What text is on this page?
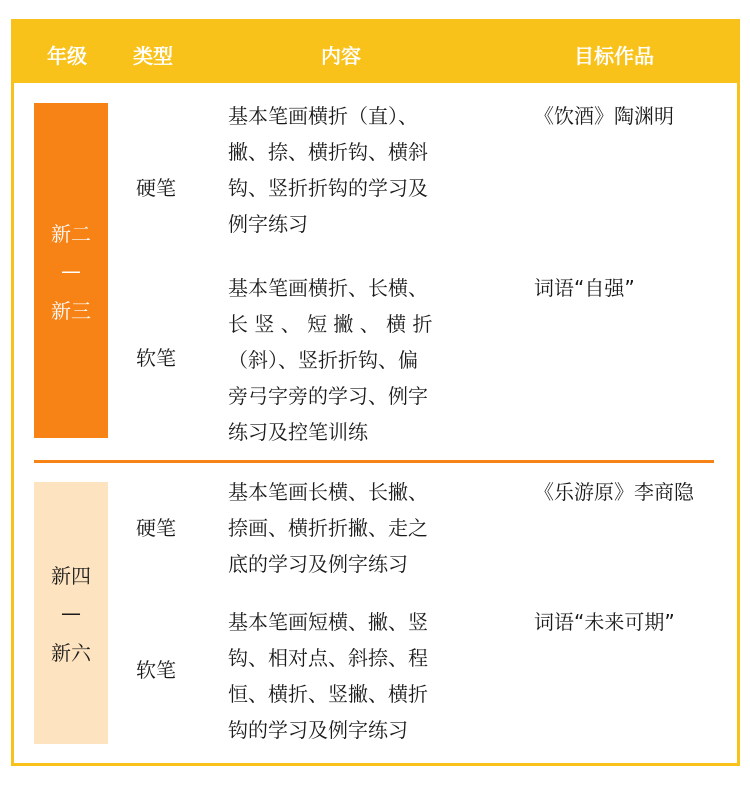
年级 类型	内容	目标作品
新二
—
新三
硬笔
基本笔画横折（直）、
撇、捺、横折钩、横斜
钩、竖折折钩的学习及
例字练习
《饮酒》陶渊明
软笔
基本笔画横折、长横、
长 竖 、 短 撇 、 横 折
（斜）、竖折折钩、偏
旁弓字旁的学习、例字
练习及控笔训练
词语“自强”
新四
—
新六
硬笔
基本笔画长横、长撇、
捺画、横折折撇、走之
底的学习及例字练习
《乐游原》李商隐
软笔
基本笔画短横、撇、竖
钩、相对点、斜捺、程
恒、横折、竖撇、横折
钩的学习及例字练习
词语“未来可期”
